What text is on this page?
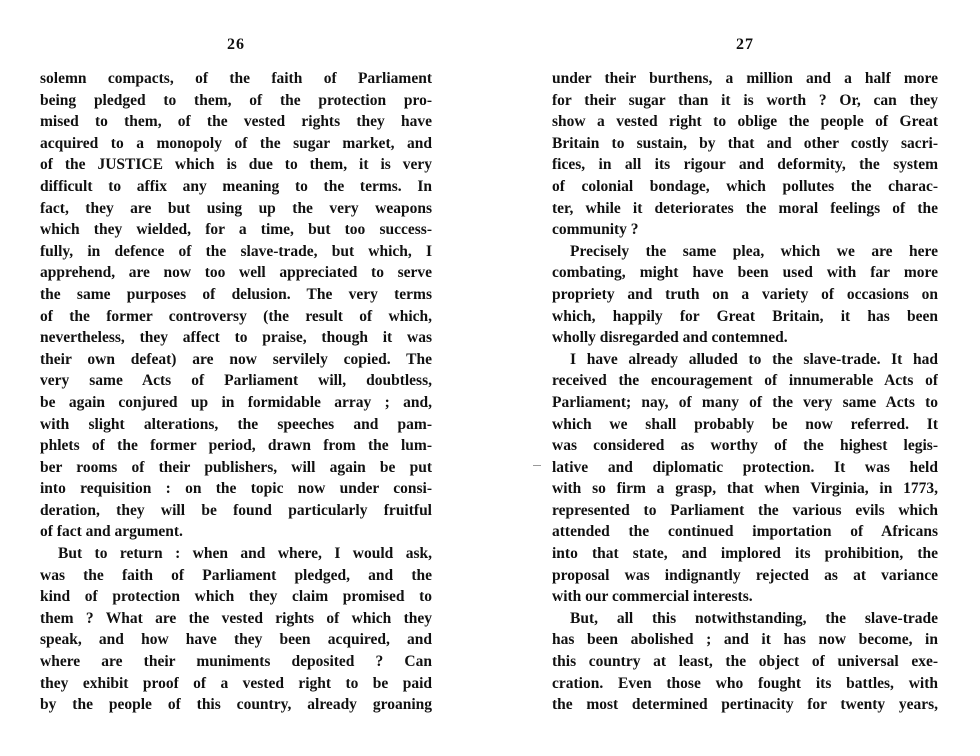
26
solemn compacts, of the faith of Parliament
being pledged to them, of the protection pro-
mised to them, of the vested rights they have
acquired to a monopoly of the sugar market, and
of the JUSTICE which is due to them, it is very
difficult to affix any meaning to the terms. In
fact, they are but using up the very weapons
which they wielded, for a time, but too success-
fully, in defence of the slave-trade, but which, I
apprehend, are now too well appreciated to serve
the same purposes of delusion. The very terms
of the former controversy (the result of which,
nevertheless, they affect to praise, though it was
their own defeat) are now servilely copied. The
very same Acts of Parliament will, doubtless,
be again conjured up in formidable array ; and,
with slight alterations, the speeches and pam-
phlets of the former period, drawn from the lum-
ber rooms of their publishers, will again be put
into requisition : on the topic now under consi-
deration, they will be found particularly fruitful
of fact and argument.
But to return : when and where, I would ask,
was the faith of Parliament pledged, and the
kind of protection which they claim promised to
them ? What are the vested rights of which they
speak, and how have they been acquired, and
where are their muniments deposited ? Can
they exhibit proof of a vested right to be paid
by the people of this country, already groaning
27
under their burthens, a million and a half more
for their sugar than it is worth ? Or, can they
show a vested right to oblige the people of Great
Britain to sustain, by that and other costly sacri-
fices, in all its rigour and deformity, the system
of colonial bondage, which pollutes the charac-
ter, while it deteriorates the moral feelings of the
community ?
Precisely the same plea, which we are here
combating, might have been used with far more
propriety and truth on a variety of occasions on
which, happily for Great Britain, it has been
wholly disregarded and contemned.
I have already alluded to the slave-trade. It had
received the encouragement of innumerable Acts of
Parliament; nay, of many of the very same Acts to
which we shall probably be now referred. It
was considered as worthy of the highest legis-
lative and diplomatic protection. It was held
with so firm a grasp, that when Virginia, in 1773,
represented to Parliament the various evils which
attended the continued importation of Africans
into that state, and implored its prohibition, the
proposal was indignantly rejected as at variance
with our commercial interests.
But, all this notwithstanding, the slave-trade
has been abolished ; and it has now become, in
this country at least, the object of universal exe-
cration. Even those who fought its battles, with
the most determined pertinacity for twenty years,
